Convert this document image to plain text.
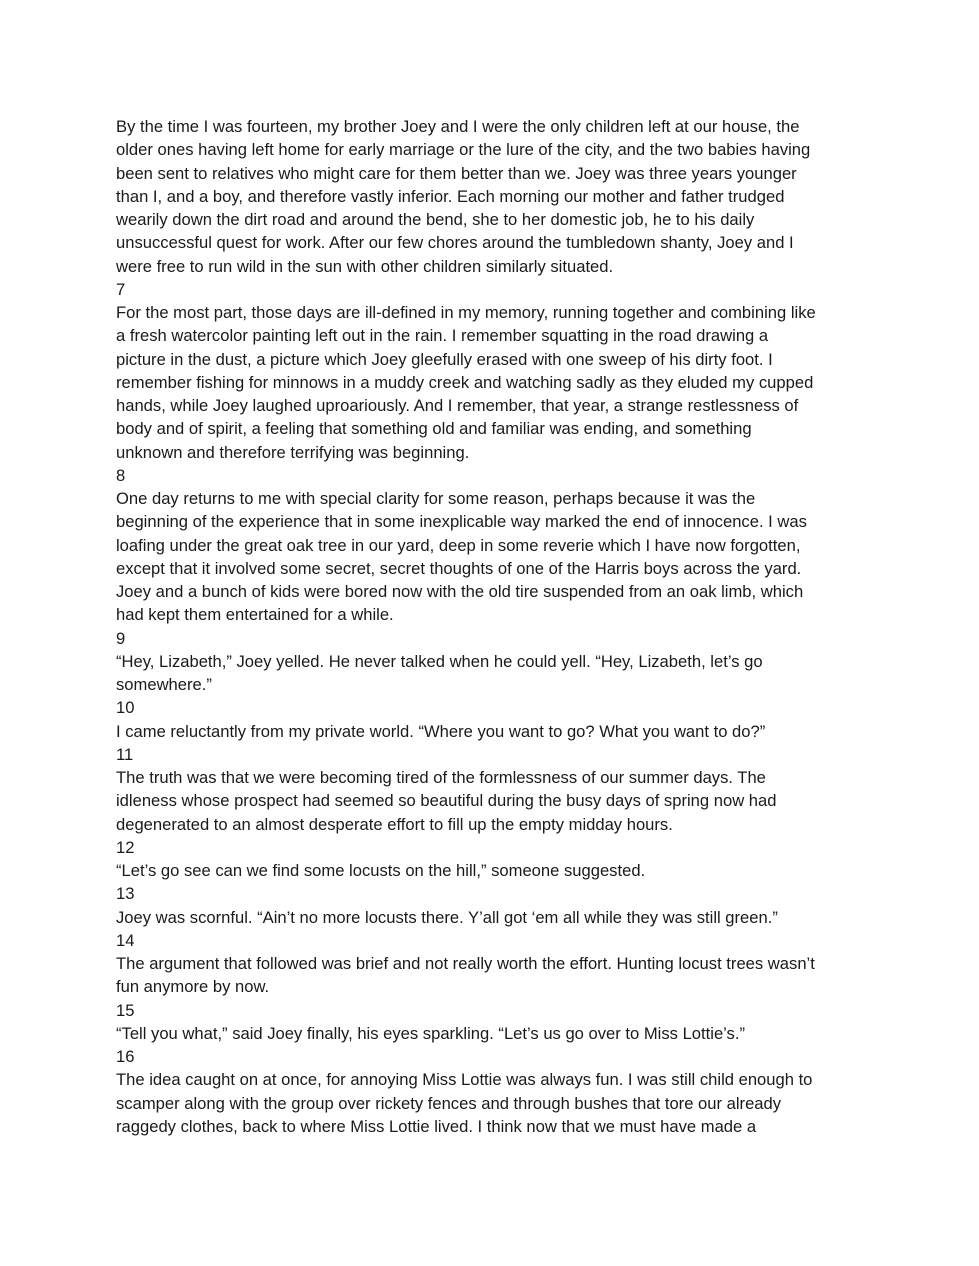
By the time I was fourteen, my brother Joey and I were the only children left at our house, the
older ones having left home for early marriage or the lure of the city, and the two babies having
been sent to relatives who might care for them better than we. Joey was three years younger
than I, and a boy, and therefore vastly inferior. Each morning our mother and father trudged
wearily down the dirt road and around the bend, she to her domestic job, he to his daily
unsuccessful quest for work. After our few chores around the tumbledown shanty, Joey and I
were free to run wild in the sun with other children similarly situated.
7
For the most part, those days are ill-defined in my memory, running together and combining like
a fresh watercolor painting left out in the rain. I remember squatting in the road drawing a
picture in the dust, a picture which Joey gleefully erased with one sweep of his dirty foot. I
remember fishing for minnows in a muddy creek and watching sadly as they eluded my cupped
hands, while Joey laughed uproariously. And I remember, that year, a strange restlessness of
body and of spirit, a feeling that something old and familiar was ending, and something
unknown and therefore terrifying was beginning.
8
One day returns to me with special clarity for some reason, perhaps because it was the
beginning of the experience that in some inexplicable way marked the end of innocence. I was
loafing under the great oak tree in our yard, deep in some reverie which I have now forgotten,
except that it involved some secret, secret thoughts of one of the Harris boys across the yard.
Joey and a bunch of kids were bored now with the old tire suspended from an oak limb, which
had kept them entertained for a while.
9
“Hey, Lizabeth,” Joey yelled. He never talked when he could yell. “Hey, Lizabeth, let’s go
somewhere.”
10
I came reluctantly from my private world. “Where you want to go? What you want to do?”
11
The truth was that we were becoming tired of the formlessness of our summer days. The
idleness whose prospect had seemed so beautiful during the busy days of spring now had
degenerated to an almost desperate effort to fill up the empty midday hours.
12
“Let’s go see can we find some locusts on the hill,” someone suggested.
13
Joey was scornful. “Ain’t no more locusts there. Y’all got ‘em all while they was still green.”
14
The argument that followed was brief and not really worth the effort. Hunting locust trees wasn’t
fun anymore by now.
15
“Tell you what,” said Joey finally, his eyes sparkling. “Let’s us go over to Miss Lottie’s.”
16
The idea caught on at once, for annoying Miss Lottie was always fun. I was still child enough to
scamper along with the group over rickety fences and through bushes that tore our already
raggedy clothes, back to where Miss Lottie lived. I think now that we must have made a
